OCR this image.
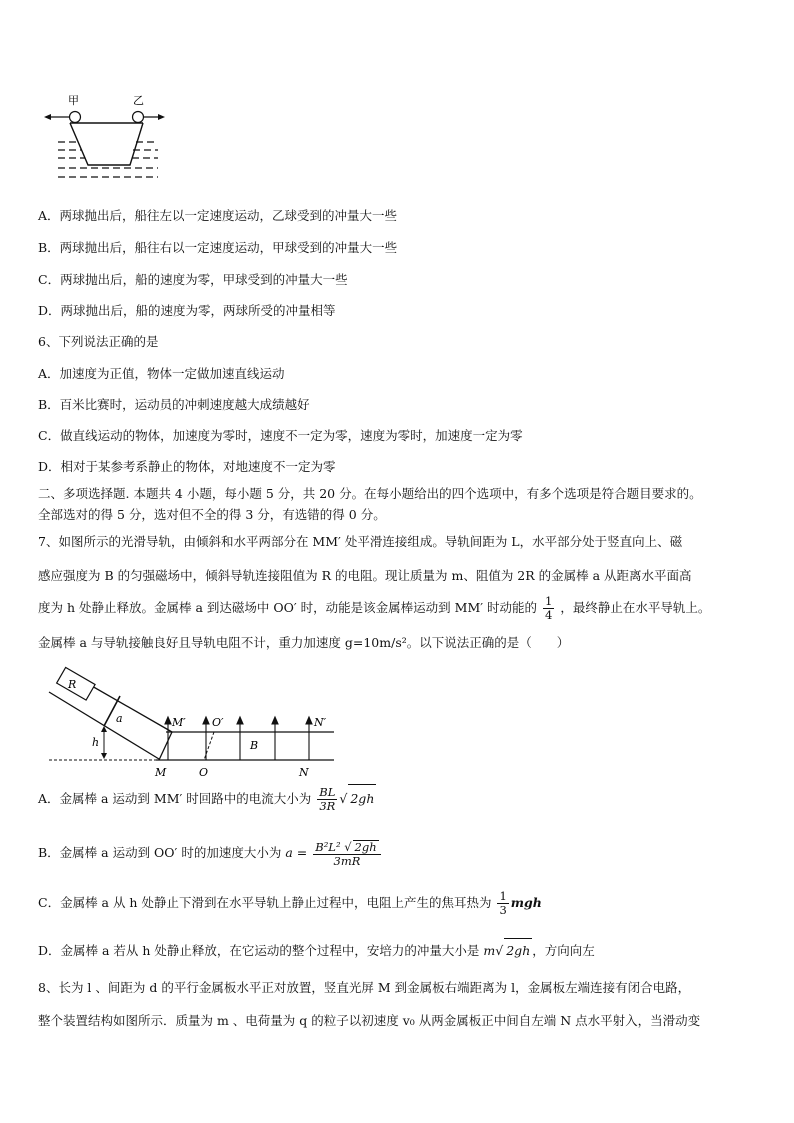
甲	乙
A．两球抛出后，船往左以一定速度运动，乙球受到的冲量大一些
B．两球抛出后，船往右以一定速度运动，甲球受到的冲量大一些
C．两球抛出后，船的速度为零，甲球受到的冲量大一些
D．两球抛出后，船的速度为零，两球所受的冲量相等
6、下列说法正确的是
A．加速度为正值，物体一定做加速直线运动
B．百米比赛时，运动员的冲刺速度越大成绩越好
C．做直线运动的物体，加速度为零时，速度不一定为零，速度为零时，加速度一定为零
D．相对于某参考系静止的物体，对地速度不一定为零
二、多项选择题. 本题共 4 小题，每小题 5 分，共 20 分。在每小题给出的四个选项中，有多个选项是符合题目要求的。
全部选对的得 5 分，选对但不全的得 3 分，有选错的得 0 分。
7、如图所示的光滑导轨，由倾斜和水平两部分在 MM′ 处平滑连接组成。导轨间距为 L，水平部分处于竖直向上、磁
感应强度为 B 的匀强磁场中，倾斜导轨连接阻值为 R 的电阻。现让质量为 m、阻值为 2R 的金属棒 a 从距离水平面高
度为 h 处静止释放。金属棒 a 到达磁场中 OO′ 时，动能是该金属棒运动到 MM′ 时动能的 $\frac{1}{4}$ ，最终静止在水平导轨上。
金属棒 a 与导轨接触良好且导轨电阻不计，重力加速度 g=10m/s²。以下说法正确的是（　　）
R
a
h
M′ O′	N′
B
M	O	N
A．金属棒 a 运动到 MM′ 时回路中的电流大小为 $\frac{BL}{3R}$ √ 2gh
B．金属棒 a 运动到 OO′ 时的加速度大小为 $a = \frac{\text{B²L² √ 2gh}}{3mR}$
C．金属棒 a 从 h 处静止下滑到在水平导轨上静止过程中，电阻上产生的焦耳热为 $\frac{1}{3}$ mgh
D．金属棒 a 若从 h 处静止释放，在它运动的整个过程中，安培力的冲量大小是 m√ 2gh ，方向向左
8、长为 l 、间距为 d 的平行金属板水平正对放置，竖直光屏 M 到金属板右端距离为 l，金属板左端连接有闭合电路，
整个装置结构如图所示．质量为 m 、电荷量为 q 的粒子以初速度 v₀ 从两金属板正中间自左端 N 点水平射入，当滑动变
